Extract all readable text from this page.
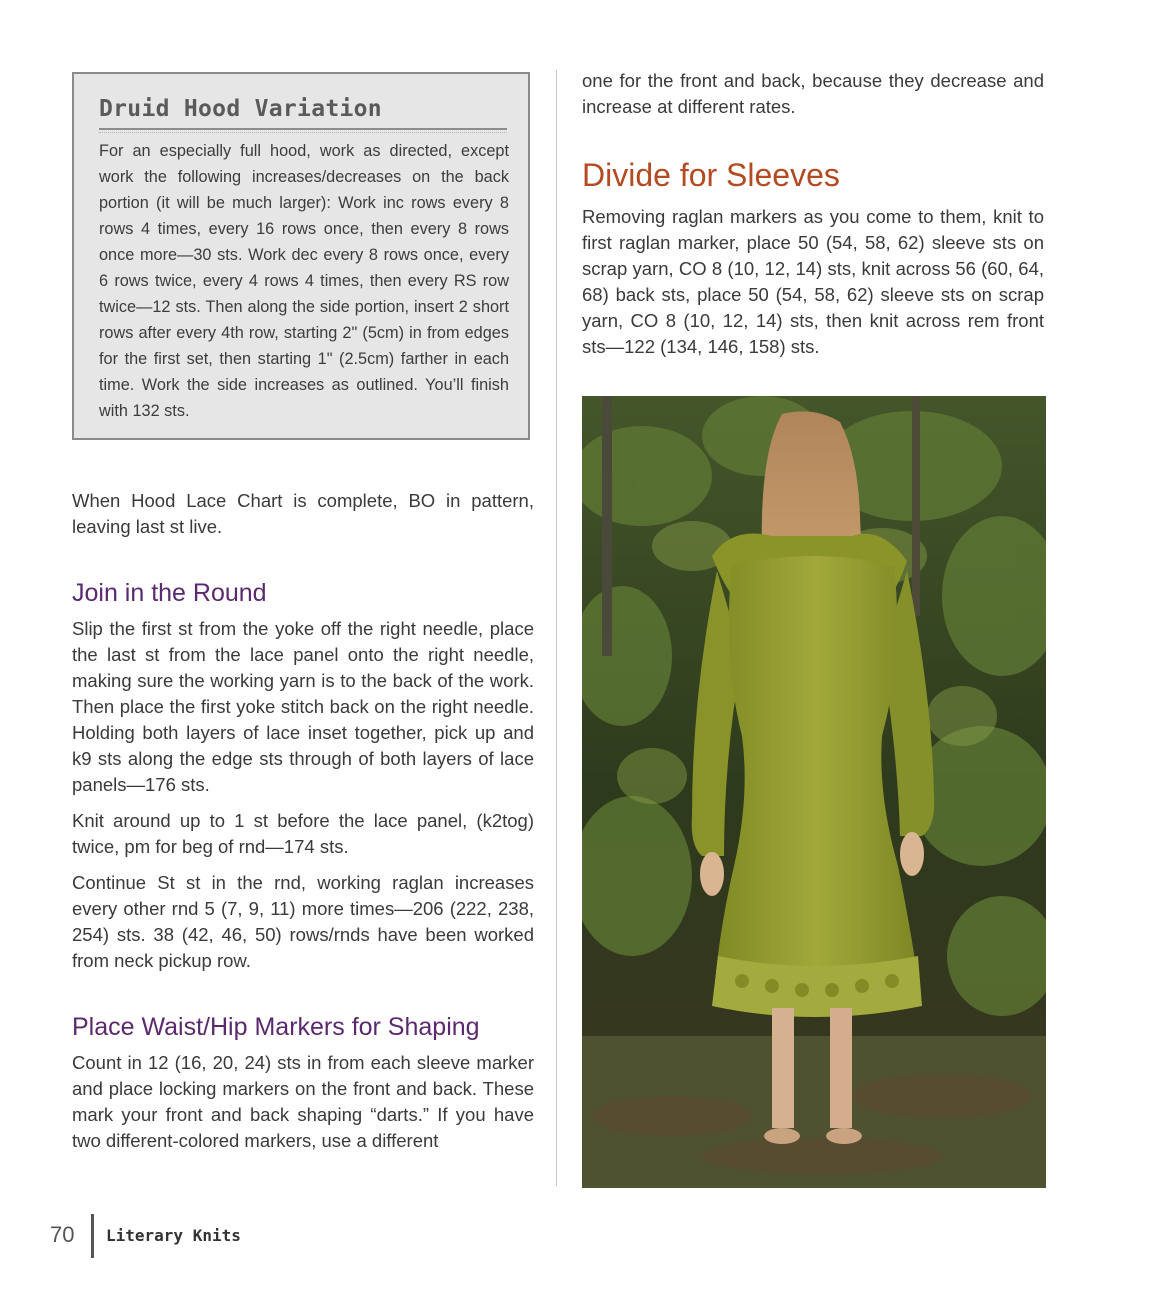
Druid Hood Variation

For an especially full hood, work as directed, except work the following increases/decreases on the back portion (it will be much larger): Work inc rows every 8 rows 4 times, every 16 rows once, then every 8 rows once more—30 sts. Work dec every 8 rows once, every 6 rows twice, every 4 rows 4 times, then every RS row twice—12 sts. Then along the side portion, insert 2 short rows after every 4th row, starting 2" (5cm) in from edges for the first set, then starting 1" (2.5cm) farther in each time. Work the side increases as outlined. You’ll finish with 132 sts.

When Hood Lace Chart is complete, BO in pattern, leaving last st live.

Join in the Round

Slip the first st from the yoke off the right needle, place the last st from the lace panel onto the right needle, making sure the working yarn is to the back of the work. Then place the first yoke stitch back on the right needle. Holding both layers of lace inset together, pick up and k9 sts along the edge sts through of both layers of lace panels—176 sts.

Knit around up to 1 st before the lace panel, (k2tog) twice, pm for beg of rnd—174 sts.

Continue St st in the rnd, working raglan increases every other rnd 5 (7, 9, 11) more times—206 (222, 238, 254) sts. 38 (42, 46, 50) rows/rnds have been worked from neck pickup row.

Place Waist/Hip Markers for Shaping

Count in 12 (16, 20, 24) sts in from each sleeve marker and place locking markers on the front and back. These mark your front and back shaping “darts.” If you have two different-colored markers, use a different

one for the front and back, because they decrease and increase at different rates.

Divide for Sleeves

Removing raglan markers as you come to them, knit to first raglan marker, place 50 (54, 58, 62) sleeve sts on scrap yarn, CO 8 (10, 12, 14) sts, knit across 56 (60, 64, 68) back sts, place 50 (54, 58, 62) sleeve sts on scrap yarn, CO 8 (10, 12, 14) sts, then knit across rem front sts—122 (134, 146, 158) sts.

70 Literary Knits
